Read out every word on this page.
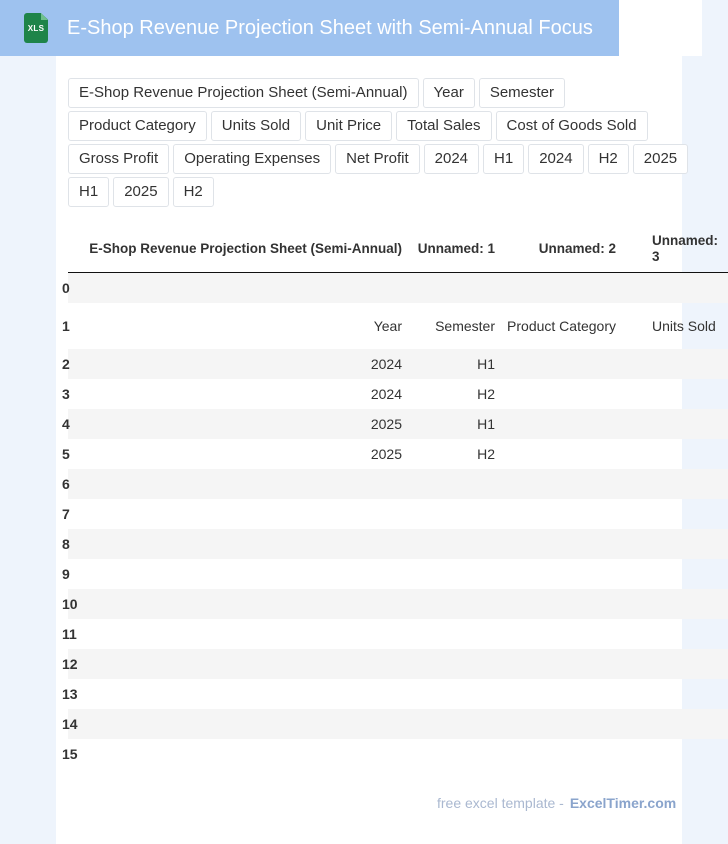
XLS E-Shop Revenue Projection Sheet with Semi-Annual Focus
E-Shop Revenue Projection Sheet (Semi-Annual)	Year	Semester
Product Category	Units Sold	Unit Price	Total Sales	Cost of Goods Sold
Gross Profit	Operating Expenses	Net Profit	2024	H1	2024	H2	2025
H1	2025	H2
	E-Shop Revenue Projection Sheet (Semi-Annual)	Unnamed: 1	Unnamed: 2	Unnamed: 3
0				
1	Year	Semester	Product Category	Units Sold
2	2024	H1		
3	2024	H2		
4	2025	H1		
5	2025	H2		
6				
7				
8				
9				
10				
11				
12				
13				
14				
15				
free excel template - ExcelTimer.com
